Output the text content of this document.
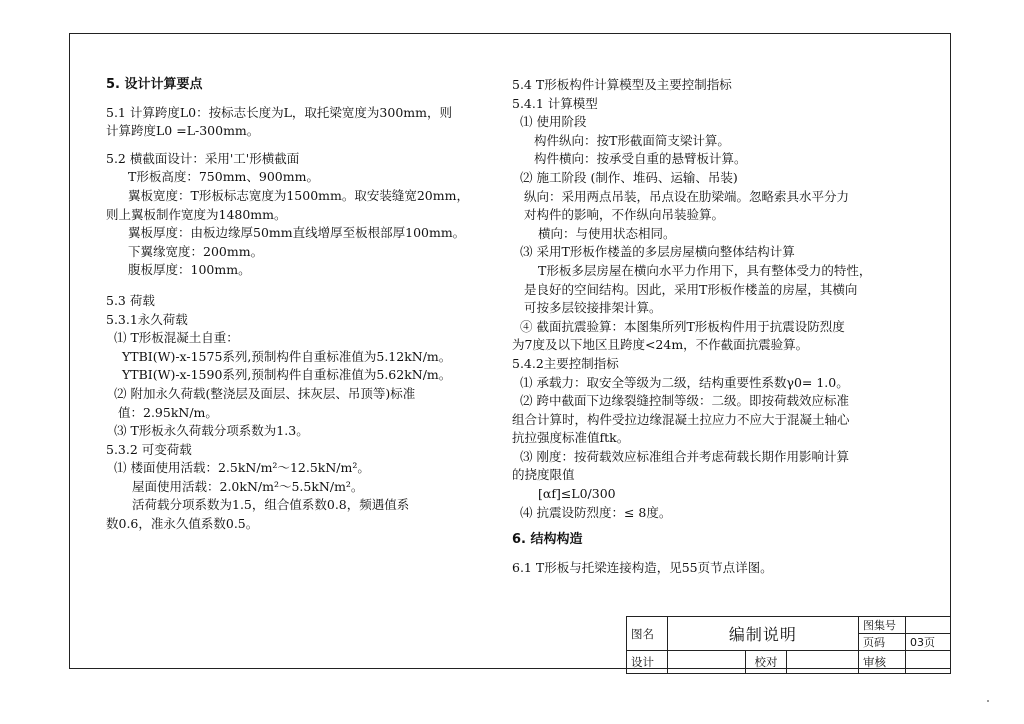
5. 设计计算要点
5.1 计算跨度L0：按标志长度为L，取托梁宽度为300mm，则
计算跨度L0 =L-300mm。
5.2 横截面设计：采用'工'形横截面
T形板高度：750mm、900mm。
翼板宽度：T形板标志宽度为1500mm。取安装缝宽20mm，
则上翼板制作宽度为1480mm。
翼板厚度：由板边缘厚50mm直线增厚至板根部厚100mm。
下翼缘宽度：200mm。
腹板厚度：100mm。
5.3 荷载
5.3.1永久荷载
⑴ T形板混凝土自重：
YTBI(W)-x-1575系列,预制构件自重标准值为5.12kN/m。
YTBI(W)-x-1590系列,预制构件自重标准值为5.62kN/m。
⑵ 附加永久荷载(整浇层及面层、抹灰层、吊顶等)标准
值：2.95kN/m。
⑶ T形板永久荷载分项系数为1.3。
5.3.2 可变荷载
⑴ 楼面使用活载：2.5kN/m²～12.5kN/m²。
屋面使用活载：2.0kN/m²～5.5kN/m²。
活荷载分项系数为1.5，组合值系数0.8，频遇值系
数0.6，准永久值系数0.5。
5.4 T形板构件计算模型及主要控制指标
5.4.1 计算模型
⑴ 使用阶段
构件纵向：按T形截面简支梁计算。
构件横向：按承受自重的悬臂板计算。
⑵ 施工阶段 (制作、堆码、运输、吊装)
纵向：采用两点吊装，吊点设在肋梁端。忽略索具水平分力
对构件的影响，不作纵向吊装验算。
横向：与使用状态相同。
⑶ 采用T形板作楼盖的多层房屋横向整体结构计算
T形板多层房屋在横向水平力作用下，具有整体受力的特性，
是良好的空间结构。因此，采用T形板作楼盖的房屋，其横向
可按多层铰接排架计算。
④ 截面抗震验算：本图集所列T形板构件用于抗震设防烈度
为7度及以下地区且跨度<24m，不作截面抗震验算。
5.4.2主要控制指标
⑴ 承载力：取安全等级为二级，结构重要性系数γ0= 1.0。
⑵ 跨中截面下边缘裂缝控制等级：二级。即按荷载效应标准
组合计算时，构件受拉边缘混凝土拉应力不应大于混凝土轴心
抗拉强度标准值ftk。
⑶ 刚度：按荷载效应标准组合并考虑荷载长期作用影响计算
的挠度限值
[αf]≤L0/300
⑷ 抗震设防烈度：≤ 8度。
6. 结构构造
6.1 T形板与托梁连接构造，见55页节点详图。
图名	编制说明			图集号	
				页码	03页
设计		校对		审核	
